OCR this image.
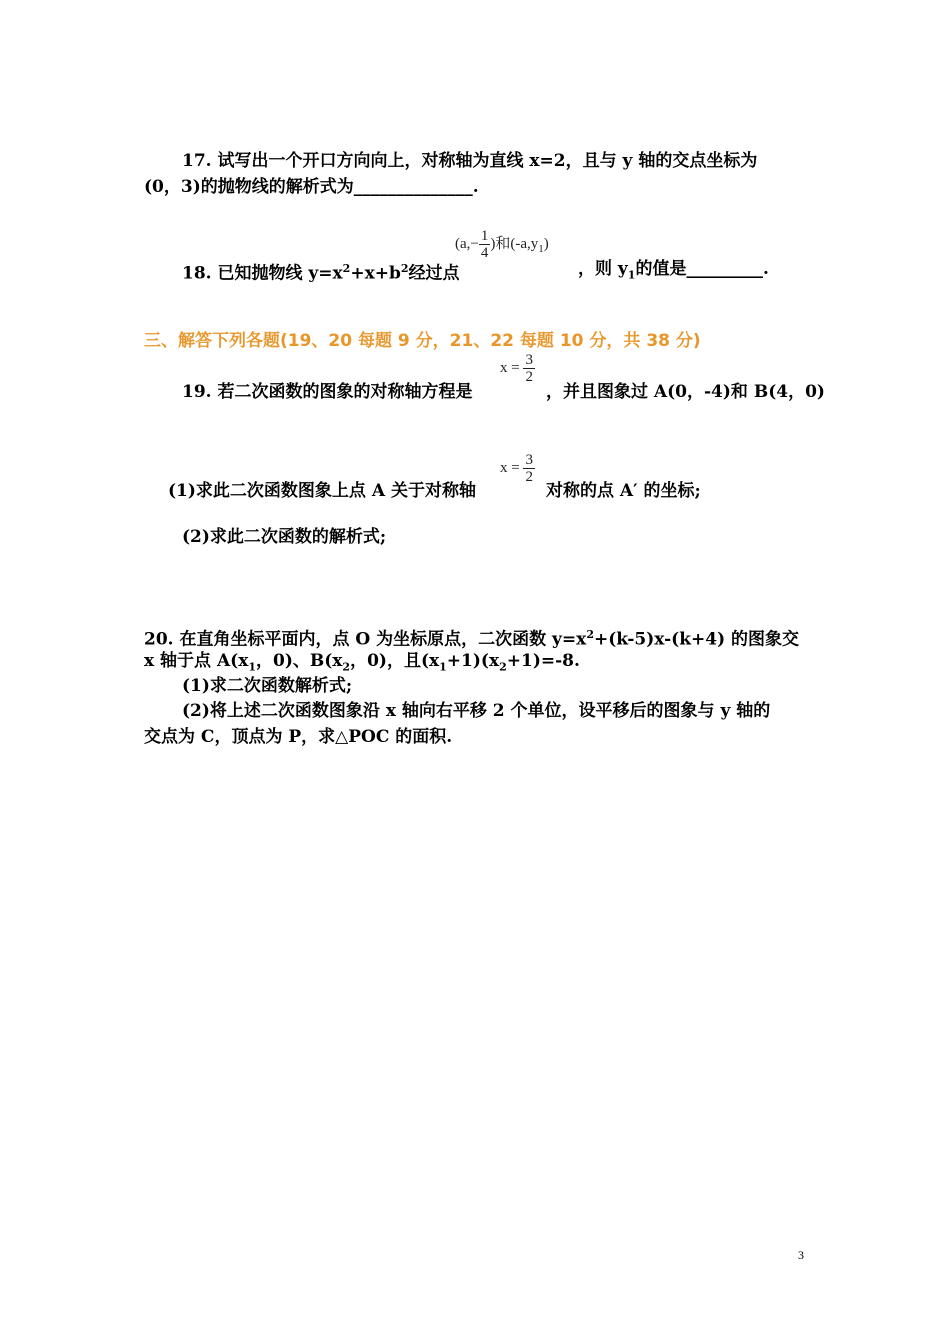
17. 试写出一个开口方向向上，对称轴为直线 x=2，且与 y 轴的交点坐标为
(0，3)的抛物线的解析式为______________.
18. 已知抛物线 $y=x^2+x+b^2$经过点
($a,- \frac{1}{4}$ )和$(-a,y_1)$
，则 $y_1$的值是_________.
三、解答下列各题(19、20 每题 9 分，21、22 每题 10 分，共 38 分)
19. 若二次函数的图象的对称轴方程是
$x = \frac{3}{2}$
，并且图象过 A(0，-4)和 B(4，0)
(1)求此二次函数图象上点 A 关于对称轴
$x = \frac{3}{2}$
对称的点 A′ 的坐标;
(2)求此二次函数的解析式;
20. 在直角坐标平面内，点 O 为坐标原点，二次函数 $y=x^2+(k-5)x-(k+4)$ 的图象交
x 轴于点 $A(x_1$，0)、$B(x_2$，0)，且$(x_1+1)(x_2+1)=-8$.
(1)求二次函数解析式;
(2)将上述二次函数图象沿 x 轴向右平移 2 个单位，设平移后的图象与 y 轴的
交点为 C，顶点为 P，求△POC 的面积.
3
